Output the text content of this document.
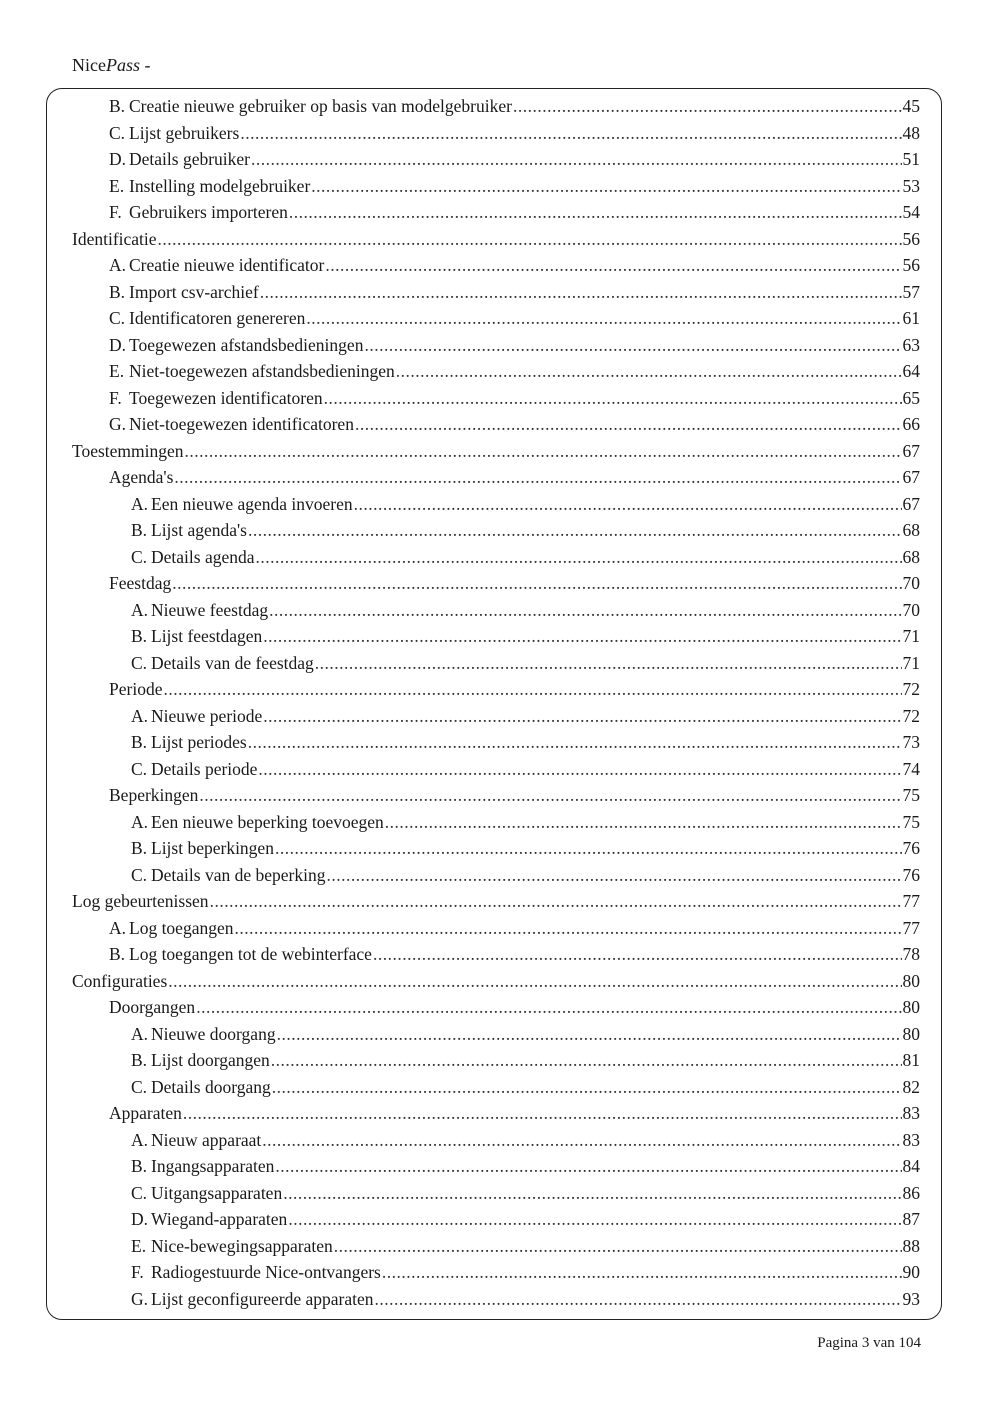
NicePass -
B. Creatie nieuwe gebruiker op basis van modelgebruiker .....	45
C. Lijst gebruikers .....	48
D. Details gebruiker .....	51
E. Instelling modelgebruiker .....	53
F. Gebruikers importeren .....	54
Identificatie .....	56
A. Creatie nieuwe identificator .....	56
B. Import csv-archief .....	57
C. Identificatoren genereren .....	61
D. Toegewezen afstandsbedieningen .....	63
E. Niet-toegewezen afstandsbedieningen .....	64
F. Toegewezen identificatoren .....	65
G. Niet-toegewezen identificatoren .....	66
Toestemmingen .....	67
Agenda's .....	67
A. Een nieuwe agenda invoeren .....	67
B. Lijst agenda's .....	68
C. Details agenda .....	68
Feestdag .....	70
A. Nieuwe feestdag .....	70
B. Lijst feestdagen .....	71
C. Details van de feestdag .....	71
Periode .....	72
A. Nieuwe periode .....	72
B. Lijst periodes .....	73
C. Details periode .....	74
Beperkingen .....	75
A. Een nieuwe beperking toevoegen .....	75
B. Lijst beperkingen .....	76
C. Details van de beperking .....	76
Log gebeurtenissen .....	77
A. Log toegangen .....	77
B. Log toegangen tot de webinterface .....	78
Configuraties .....	80
Doorgangen .....	80
A. Nieuwe doorgang .....	80
B. Lijst doorgangen .....	81
C. Details doorgang .....	82
Apparaten .....	83
A. Nieuw apparaat .....	83
B. Ingangsapparaten .....	84
C. Uitgangsapparaten .....	86
D. Wiegand-apparaten .....	87
E. Nice-bewegingsapparaten .....	88
F. Radiogestuurde Nice-ontvangers .....	90
G. Lijst geconfigureerde apparaten .....	93
Pagina 3 van 104
